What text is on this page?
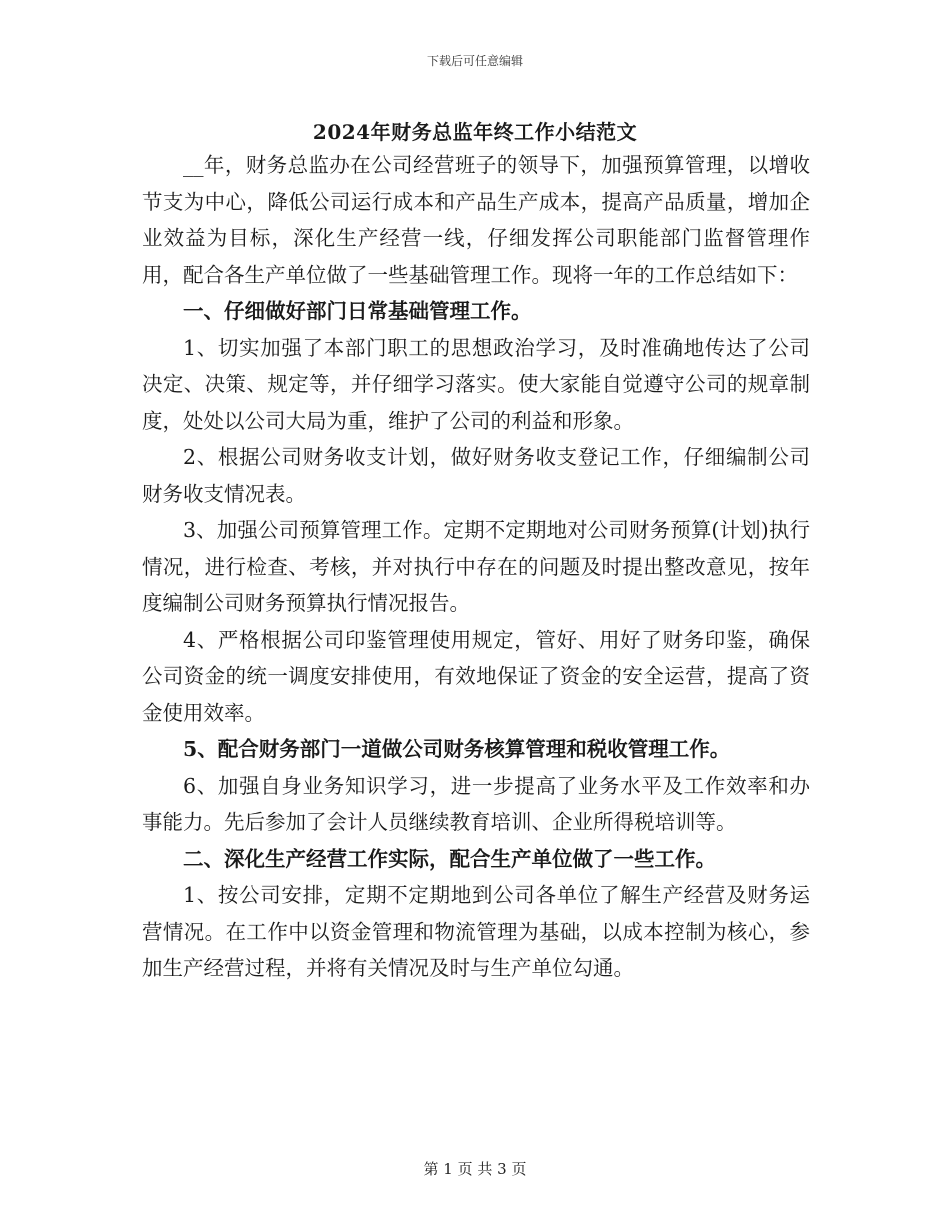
下载后可任意编辑
2024年财务总监年终工作小结范文

__年，财务总监办在公司经营班子的领导下，加强预算管理，以增收节支为中心，降低公司运行成本和产品生产成本，提高产品质量，增加企业效益为目标，深化生产经营一线，仔细发挥公司职能部门监督管理作用，配合各生产单位做了一些基础管理工作。现将一年的工作总结如下：

一、仔细做好部门日常基础管理工作。

1、切实加强了本部门职工的思想政治学习，及时准确地传达了公司决定、决策、规定等，并仔细学习落实。使大家能自觉遵守公司的规章制度，处处以公司大局为重，维护了公司的利益和形象。

2、根据公司财务收支计划，做好财务收支登记工作，仔细编制公司财务收支情况表。

3、加强公司预算管理工作。定期不定期地对公司财务预算(计划)执行情况，进行检查、考核，并对执行中存在的问题及时提出整改意见，按年度编制公司财务预算执行情况报告。

4、严格根据公司印鉴管理使用规定，管好、用好了财务印鉴，确保公司资金的统一调度安排使用，有效地保证了资金的安全运营，提高了资金使用效率。

5、配合财务部门一道做公司财务核算管理和税收管理工作。

6、加强自身业务知识学习，进一步提高了业务水平及工作效率和办事能力。先后参加了会计人员继续教育培训、企业所得税培训等。

二、深化生产经营工作实际，配合生产单位做了一些工作。

1、按公司安排，定期不定期地到公司各单位了解生产经营及财务运营情况。在工作中以资金管理和物流管理为基础，以成本控制为核心，参加生产经营过程，并将有关情况及时与生产单位勾通。

第 1 页 共 3 页
